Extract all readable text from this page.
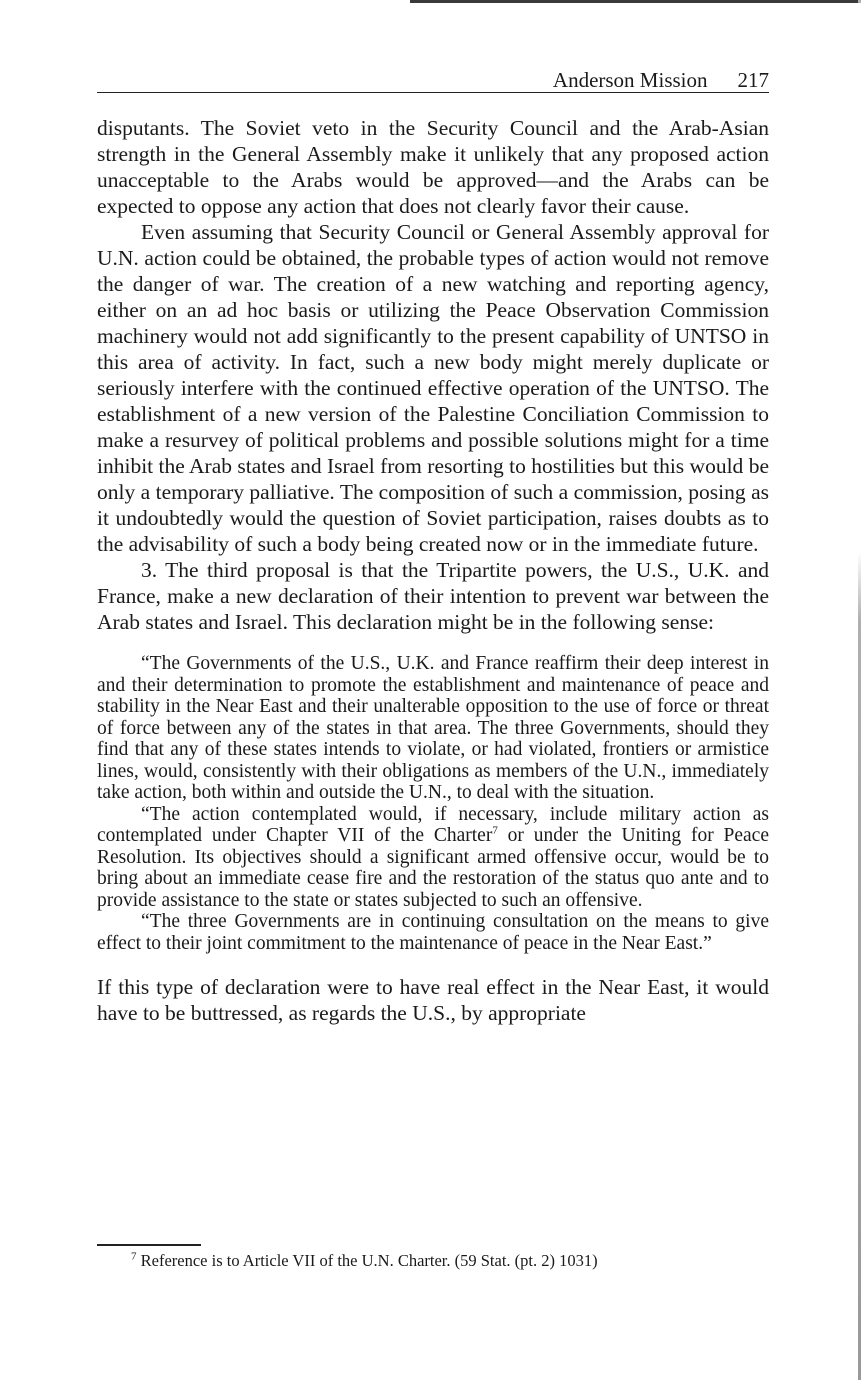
Anderson Mission 217

disputants. The Soviet veto in the Security Council and the Arab-Asian strength in the General Assembly make it unlikely that any proposed action unacceptable to the Arabs would be approved—and the Arabs can be expected to oppose any action that does not clearly favor their cause.

Even assuming that Security Council or General Assembly approval for U.N. action could be obtained, the probable types of action would not remove the danger of war. The creation of a new watching and reporting agency, either on an ad hoc basis or utilizing the Peace Observation Commission machinery would not add significantly to the present capability of UNTSO in this area of activity. In fact, such a new body might merely duplicate or seriously interfere with the continued effective operation of the UNTSO. The establishment of a new version of the Palestine Conciliation Commission to make a resurvey of political problems and possible solutions might for a time inhibit the Arab states and Israel from resorting to hostilities but this would be only a temporary palliative. The composition of such a commission, posing as it undoubtedly would the question of Soviet participation, raises doubts as to the advisability of such a body being created now or in the immediate future.

3. The third proposal is that the Tripartite powers, the U.S., U.K. and France, make a new declaration of their intention to prevent war between the Arab states and Israel. This declaration might be in the following sense:

“The Governments of the U.S., U.K. and France reaffirm their deep interest in and their determination to promote the establishment and maintenance of peace and stability in the Near East and their unalterable opposition to the use of force or threat of force between any of the states in that area. The three Governments, should they find that any of these states intends to violate, or had violated, frontiers or armistice lines, would, consistently with their obligations as members of the U.N., immediately take action, both within and outside the U.N., to deal with the situation.

“The action contemplated would, if necessary, include military action as contemplated under Chapter VII of the Charter$^7$ or under the Uniting for Peace Resolution. Its objectives should a significant armed offensive occur, would be to bring about an immediate cease fire and the restoration of the status quo ante and to provide assistance to the state or states subjected to such an offensive.

“The three Governments are in continuing consultation on the means to give effect to their joint commitment to the maintenance of peace in the Near East.”

If this type of declaration were to have real effect in the Near East, it would have to be buttressed, as regards the U.S., by appropriate

$^7$ Reference is to Article VII of the U.N. Charter. (59 Stat. (pt. 2) 1031)
